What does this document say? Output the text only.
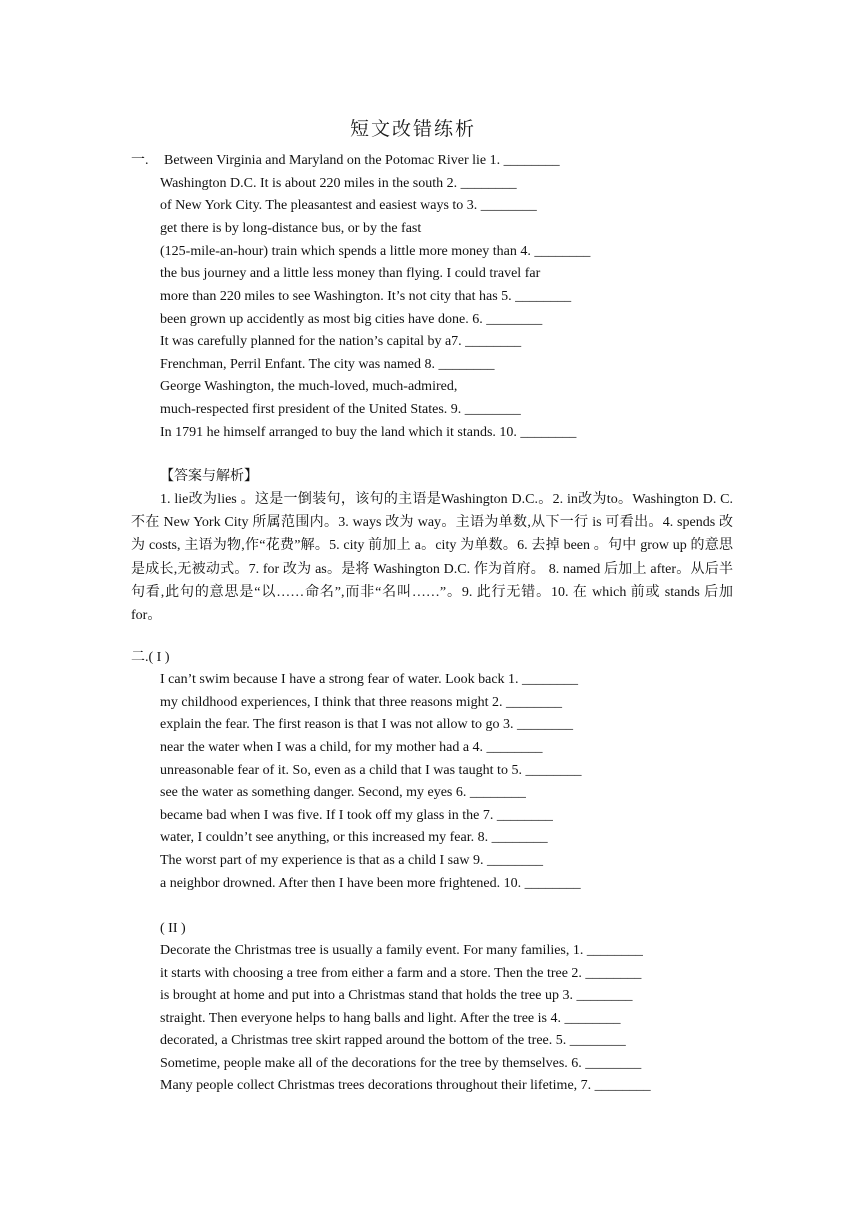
短文改错练析
一. Between Virginia and Maryland on the Potomac River lie 1. ________
Washington D.C. It is about 220 miles in the south 2. ________
of New York City. The pleasantest and easiest ways to 3. ________
get there is by long-distance bus, or by the fast
(125-mile-an-hour) train which spends a little more money than 4. ________
the bus journey and a little less money than flying. I could travel far
more than 220 miles to see Washington. It’s not city that has 5. ________
been grown up accidently as most big cities have done. 6. ________
It was carefully planned for the nation’s capital by a7. ________
Frenchman, Perril Enfant. The city was named 8. ________
George Washington, the much-loved, much-admired,
much-respected first president of the United States. 9. ________
In 1791 he himself arranged to buy the land which it stands. 10. ________
【答案与解析】

1. lie改为lies 。这是一倒装句，该句的主语是Washington D.C.。2. in改为to。Washington D. C. 不在 New York City 所属范围内。3. ways 改为 way。主语为单数,从下一行 is 可看出。4. spends 改为 costs, 主语为物,作“花费”解。5. city 前加上 a。city 为单数。6. 去掉 been 。句中 grow up 的意思是成长,无被动式。7. for 改为 as。是将 Washington D.C. 作为首府。 8. named 后加上 after。从后半句看,此句的意思是“以……命名”,而非“名叫……”。9. 此行无错。10. 在 which 前或 stands 后加 for。

二.( I )
I can’t swim because I have a strong fear of water. Look back 1. ________
my childhood experiences, I think that three reasons might 2. ________
explain the fear. The first reason is that I was not allow to go 3. ________
near the water when I was a child, for my mother had a 4. ________
unreasonable fear of it. So, even as a child that I was taught to 5. ________
see the water as something danger. Second, my eyes 6. ________
became bad when I was five. If I took off my glass in the 7. ________
water, I couldn’t see anything, or this increased my fear. 8. ________
The worst part of my experience is that as a child I saw 9. ________
a neighbor drowned. After then I have been more frightened. 10. ________
( II )
Decorate the Christmas tree is usually a family event. For many families, 1. ________
it starts with choosing a tree from either a farm and a store. Then the tree 2. ________
is brought at home and put into a Christmas stand that holds the tree up 3. ________
straight. Then everyone helps to hang balls and light. After the tree is 4. ________
decorated, a Christmas tree skirt rapped around the bottom of the tree. 5. ________
Sometime, people make all of the decorations for the tree by themselves. 6. ________
Many people collect Christmas trees decorations throughout their lifetime, 7. ________
